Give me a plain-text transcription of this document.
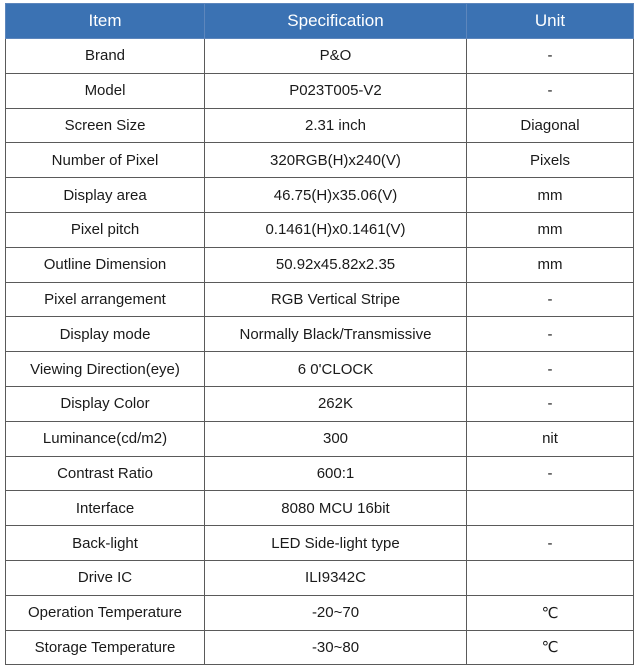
Item	Specification	Unit
Brand	P&O	-
Model	P023T005-V2	-
Screen Size	2.31 inch	Diagonal
Number of Pixel	320RGB(H)x240(V)	Pixels
Display area	46.75(H)x35.06(V)	mm
Pixel pitch	0.1461(H)x0.1461(V)	mm
Outline Dimension	50.92x45.82x2.35	mm
Pixel arrangement	RGB Vertical Stripe	-
Display mode	Normally Black/Transmissive	-
Viewing Direction(eye)	6 0'CLOCK	-
Display Color	262K	-
Luminance(cd/m2)	300	nit
Contrast Ratio	600:1	-
Interface	8080 MCU 16bit	
Back-light	LED Side-light type	-
Drive IC	ILI9342C	
Operation Temperature	-20~70	℃
Storage Temperature	-30~80	℃
